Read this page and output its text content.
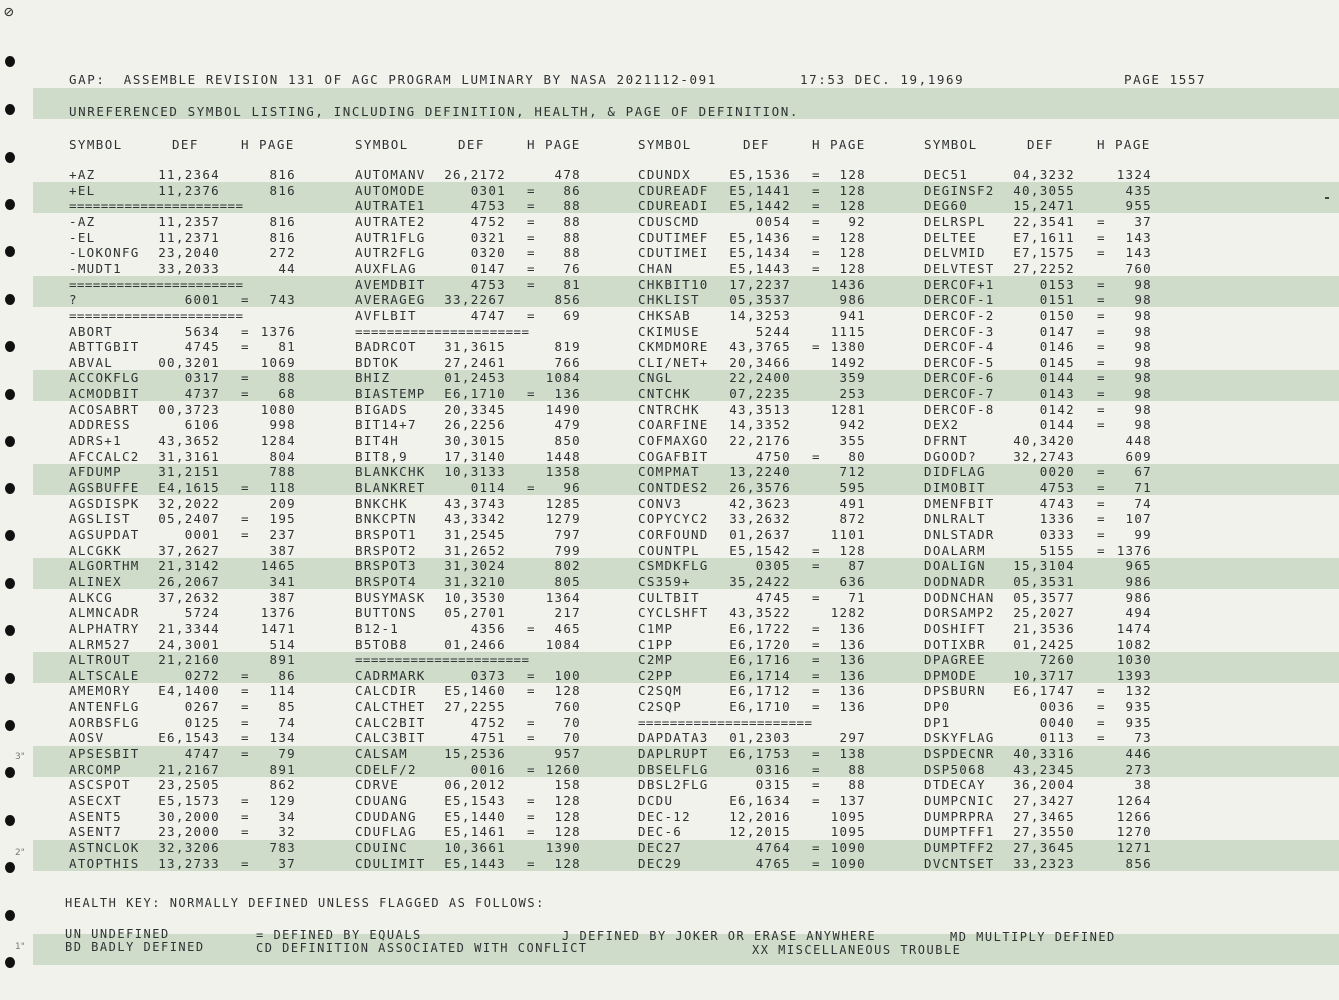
⊘
3"
2"
1"
GAP:  ASSEMBLE REVISION 131 OF AGC PROGRAM LUMINARY BY NASA 2021112-091	17:53 DEC. 19,1969	PAGE 1557
UNREFERENCED SYMBOL LISTING, INCLUDING DEFINITION, HEALTH, & PAGE OF DEFINITION.
SYMBOL	DEF	H PAGE	SYMBOL	DEF	H PAGE	SYMBOL	DEF	H PAGE	SYMBOL	DEF	H PAGE
+AZ	11,2364	816
+EL	11,2376	816
======================
-AZ	11,2357	816
-EL	11,2371	816
-LOKONFG 23,2040	272
-MUDT1	33,2033	44
======================
?	6001 = 743
======================
ABORT	5634 = 1376
ABTTGBIT	4745 = 81
ABVAL	00,3201	1069
ACCOKFLG	0317 = 88
ACMODBIT	4737 = 68
ACOSABRT 00,3723	1080
ADDRESS	6106	998
ADRS+1	43,3652	1284
AFCCALC2 31,3161	804
AFDUMP	31,2151	788
AGSBUFFE E4,1615 = 118
AGSDISPK 32,2022	209
AGSLIST 05,2407 = 195
AGSUPDAT	0001 = 237
ALCGKK	37,2627	387
ALGORTHM 21,3142	1465
ALINEX	26,2067	341
ALKCG	37,2632	387
ALMNCADR	5724	1376
ALPHATRY 21,3344	1471
ALRM527 24,3001	514
ALTROUT 21,2160	891
ALTSCALE	0272 = 86
AMEMORY E4,1400 = 114
ANTENFLG	0267 = 85
AORBSFLG	0125 = 74
AOSV	E6,1543 = 134
APSESBIT	4747 = 79
ARCOMP	21,2167	891
ASCSPOT 23,2505	862
ASECXT	E5,1573 = 129
ASENT5	30,2000 = 34
ASENT7	23,2000 = 32
ASTNCLOK 32,3206	783
ATOPTHIS 13,2733 = 37
AUTOMANV 26,2172	478
AUTOMODE	0301 = 86
AUTRATE1	4753 = 88
AUTRATE2	4752 = 88
AUTR1FLG	0321 = 88
AUTR2FLG	0320 = 88
AUXFLAG	0147 = 76
AVEMDBIT	4753 = 81
AVERAGEG 33,2267	856
AVFLBIT	4747 = 69
======================
BADRCOT 31,3615	819
BDTOK	27,2461	766
BHIZ	01,2453	1084
BIASTEMP E6,1710 = 136
BIGADS	20,3345	1490
BIT14+7 26,2256	479
BIT4H	30,3015	850
BIT8,9	17,3140	1448
BLANKCHK 10,3133	1358
BLANKRET	0114 = 96
BNKCHK	43,3743	1285
BNKCPTN 43,3342	1279
BRSPOT1 31,2545	797
BRSPOT2 31,2652	799
BRSPOT3 31,3024	802
BRSPOT4 31,3210	805
BUSYMASK 10,3530	1364
BUTTONS 05,2701	217
B12-1	4356 = 465
B5TOB8	01,2466	1084
======================
CADRMARK	0373 = 100
CALCDIR E5,1460 = 128
CALCTHET 27,2255	760
CALC2BIT	4752 = 70
CALC3BIT	4751 = 70
CALSAM	15,2536	957
CDELF/2	0016 = 1260
CDRVE	06,2012	158
CDUANG	E5,1543 = 128
CDUDANG E5,1440 = 128
CDUFLAG E5,1461 = 128
CDUINC	10,3661	1390
CDULIMIT E5,1443 = 128
CDUNDX	E5,1536 = 128
CDUREADF E5,1441 = 128
CDUREADI E5,1442 = 128
CDUSCMD	0054 = 92
CDUTIMEF E5,1436 = 128
CDUTIMEI E5,1434 = 128
CHAN	E5,1443 = 128
CHKBIT10 17,2237	1436
CHKLIST 05,3537	986
CHKSAB	14,3253	941
CKIMUSE	5244	1115
CKMDMORE 43,3765 = 1380
CLI/NET+ 20,3466	1492
CNGL	22,2400	359
CNTCHK	07,2235	253
CNTRCHK 43,3513	1281
COARFINE 14,3352	942
COFMAXGO 22,2176	355
COGAFBIT	4750 = 80
COMPMAT 13,2240	712
CONTDES2 26,3576	595
CONV3	42,3623	491
COPYCYC2 33,2632	872
CORFOUND 01,2637	1101
COUNTPL E5,1542 = 128
CSMDKFLG	0305 = 87
CS359+	35,2422	636
CULTBIT	4745 = 71
CYCLSHFT 43,3522	1282
C1MP	E6,1722 = 136
C1PP	E6,1720 = 136
C2MP	E6,1716 = 136
C2PP	E6,1714 = 136
C2SQM	E6,1712 = 136
C2SQP	E6,1710 = 136
======================
DAPDATA3 01,2303	297
DAPLRUPT E6,1753 = 138
DBSELFLG	0316 = 88
DBSL2FLG	0315 = 88
DCDU	E6,1634 = 137
DEC-12	12,2016	1095
DEC-6	12,2015	1095
DEC27	4764 = 1090
DEC29	4765 = 1090
DEC51	04,3232	1324
DEGINSF2 40,3055	435
DEG60	15,2471	955
DELRSPL 22,3541 = 37
DELTEE	E7,1611 = 143
DELVMID E7,1575 = 143
DELVTEST 27,2252	760
DERCOF+1	0153 = 98
DERCOF-1	0151 = 98
DERCOF-2	0150 = 98
DERCOF-3	0147 = 98
DERCOF-4	0146 = 98
DERCOF-5	0145 = 98
DERCOF-6	0144 = 98
DERCOF-7	0143 = 98
DERCOF-8	0142 = 98
DEX2	0144 = 98
DFRNT	40,3420	448
DGOOD?	32,2743	609
DIDFLAG	0020 = 67
DIMOBIT	4753 = 71
DMENFBIT	4743 = 74
DNLRALT	1336 = 107
DNLSTADR	0333 = 99
DOALARM	5155 = 1376
DOALIGN 15,3104	965
DODNADR 05,3531	986
DODNCHAN 05,3577	986
DORSAMP2 25,2027	494
DOSHIFT 21,3536	1474
DOTIXBR 01,2425	1082
DPAGREE	7260	1030
DPMODE	10,3717	1393
DPSBURN E6,1747 = 132
DP0	0036 = 935
DP1	0040 = 935
DSKYFLAG	0113 = 73
DSPDECNR 40,3316	446
DSP5068 43,2345	273
DTDECAY 36,2004	38
DUMPCNIC 27,3427	1264
DUMPRPRA 27,3465	1266
DUMPTFF1 27,3550	1270
DUMPTFF2 27,3645	1271
DVCNTSET 33,2323	856
HEALTH KEY: NORMALLY DEFINED UNLESS FLAGGED AS FOLLOWS:
UN UNDEFINED
BD BADLY DEFINED
= DEFINED BY EQUALS
CD DEFINITION ASSOCIATED WITH CONFLICT
J DEFINED BY JOKER OR ERASE ANYWHERE
XX MISCELLANEOUS TROUBLE
MD MULTIPLY DEFINED
